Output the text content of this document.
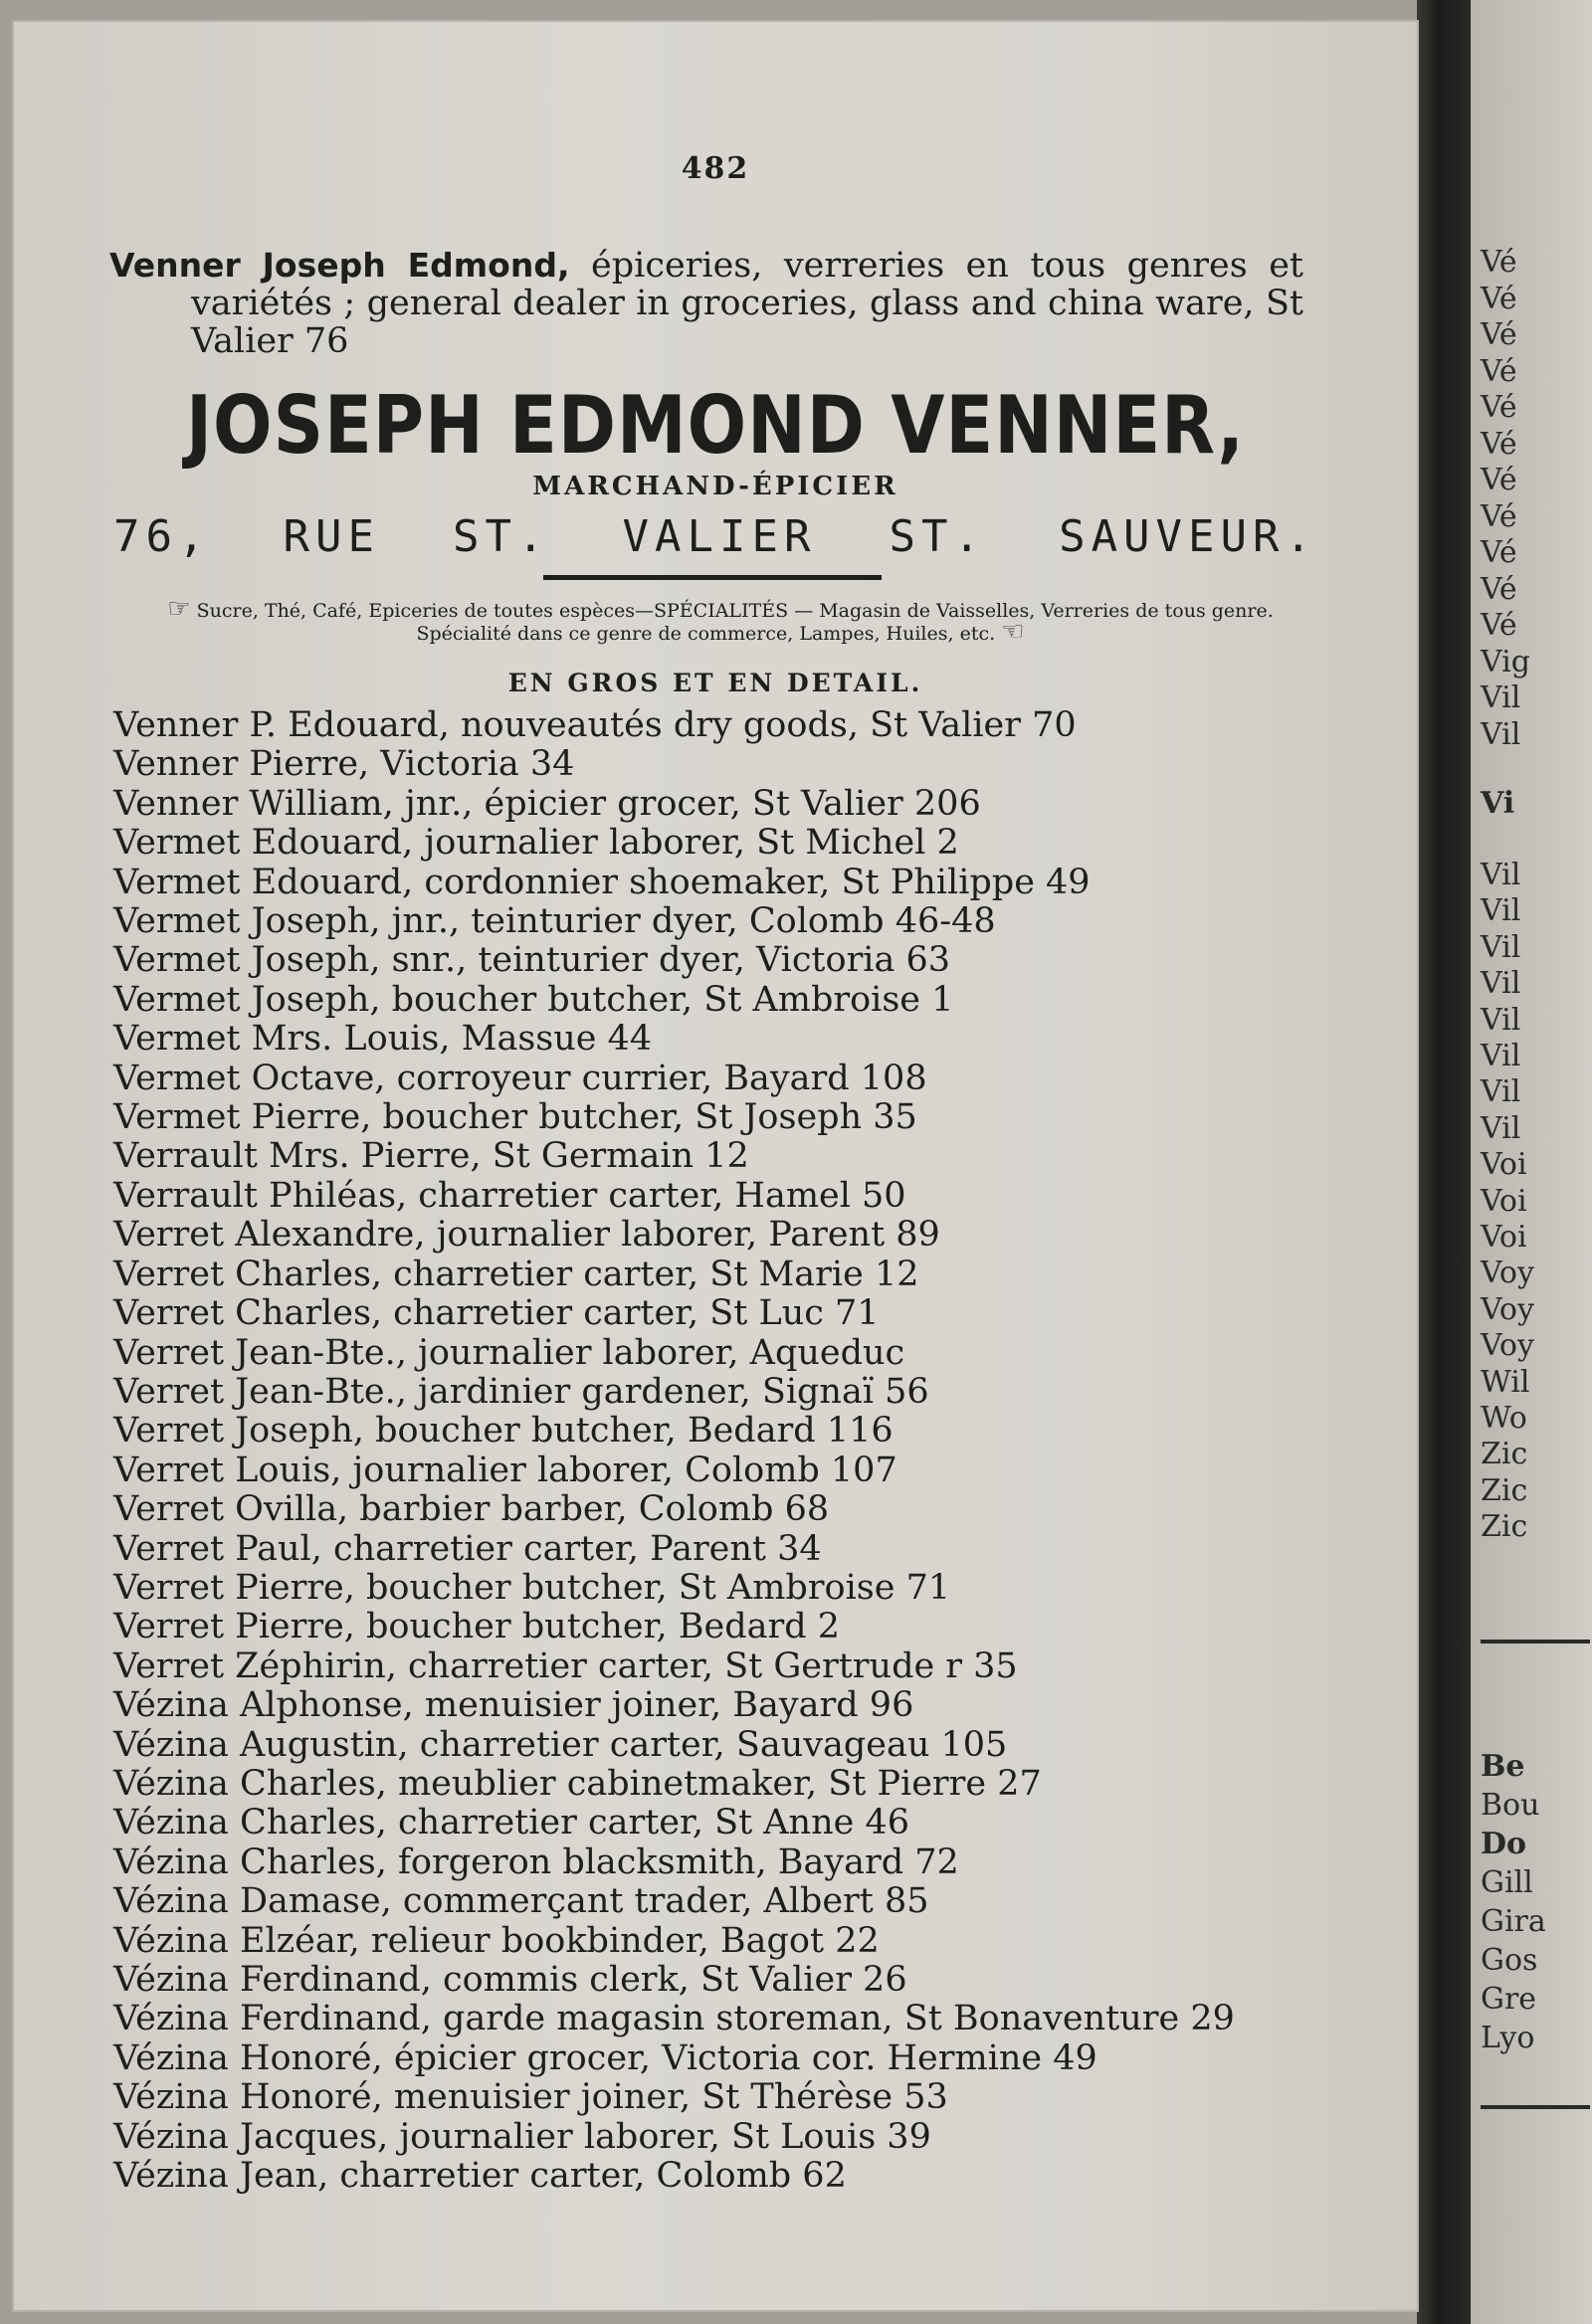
482
Venner Joseph Edmond, épiceries, verreries en tous genres et variétés ; general dealer in groceries, glass and china ware, St Valier 76
JOSEPH EDMOND VENNER,
MARCHAND-ÉPICIER
76, RUE ST. VALIER ST. SAUVEUR.
☞ Sucre, Thé, Café, Epiceries de toutes espèces—SPÉCIALITÉS — Magasin de Vaisselles, Verreries de tous genre. Spécialité dans ce genre de commerce, Lampes, Huiles, etc. ☜
EN GROS ET EN DETAIL.
Venner P. Edouard, nouveautés dry goods, St Valier 70
Venner Pierre, Victoria 34
Venner William, jnr., épicier grocer, St Valier 206
Vermet Edouard, journalier laborer, St Michel 2
Vermet Edouard, cordonnier shoemaker, St Philippe 49
Vermet Joseph, jnr., teinturier dyer, Colomb 46-48
Vermet Joseph, snr., teinturier dyer, Victoria 63
Vermet Joseph, boucher butcher, St Ambroise 1
Vermet Mrs. Louis, Massue 44
Vermet Octave, corroyeur currier, Bayard 108
Vermet Pierre, boucher butcher, St Joseph 35
Verrault Mrs. Pierre, St Germain 12
Verrault Philéas, charretier carter, Hamel 50
Verret Alexandre, journalier laborer, Parent 89
Verret Charles, charretier carter, St Marie 12
Verret Charles, charretier carter, St Luc 71
Verret Jean-Bte., journalier laborer, Aqueduc
Verret Jean-Bte., jardinier gardener, Signaï 56
Verret Joseph, boucher butcher, Bedard 116
Verret Louis, journalier laborer, Colomb 107
Verret Ovilla, barbier barber, Colomb 68
Verret Paul, charretier carter, Parent 34
Verret Pierre, boucher butcher, St Ambroise 71
Verret Pierre, boucher butcher, Bedard 2
Verret Zéphirin, charretier carter, St Gertrude r 35
Vézina Alphonse, menuisier joiner, Bayard 96
Vézina Augustin, charretier carter, Sauvageau 105
Vézina Charles, meublier cabinetmaker, St Pierre 27
Vézina Charles, charretier carter, St Anne 46
Vézina Charles, forgeron blacksmith, Bayard 72
Vézina Damase, commerçant trader, Albert 85
Vézina Elzéar, relieur bookbinder, Bagot 22
Vézina Ferdinand, commis clerk, St Valier 26
Vézina Ferdinand, garde magasin storeman, St Bonaventure 29
Vézina Honoré, épicier grocer, Victoria cor. Hermine 49
Vézina Honoré, menuisier joiner, St Thérèse 53
Vézina Jacques, journalier laborer, St Louis 39
Vézina Jean, charretier carter, Colomb 62
Vé
Vé
Vé
Vé
Vé
Vé
Vé
Vé
Vé
Vé
Vé
Vig
Vil
Vil
Vi
Vil
Vil
Vil
Vil
Vil
Vil
Vil
Vil
Voi
Voi
Voi
Voy
Voy
Voy
Wil
Wo
Zic
Zic
Zic
Be
Bou
Do
Gill
Gira
Gos
Gre
Lyo
